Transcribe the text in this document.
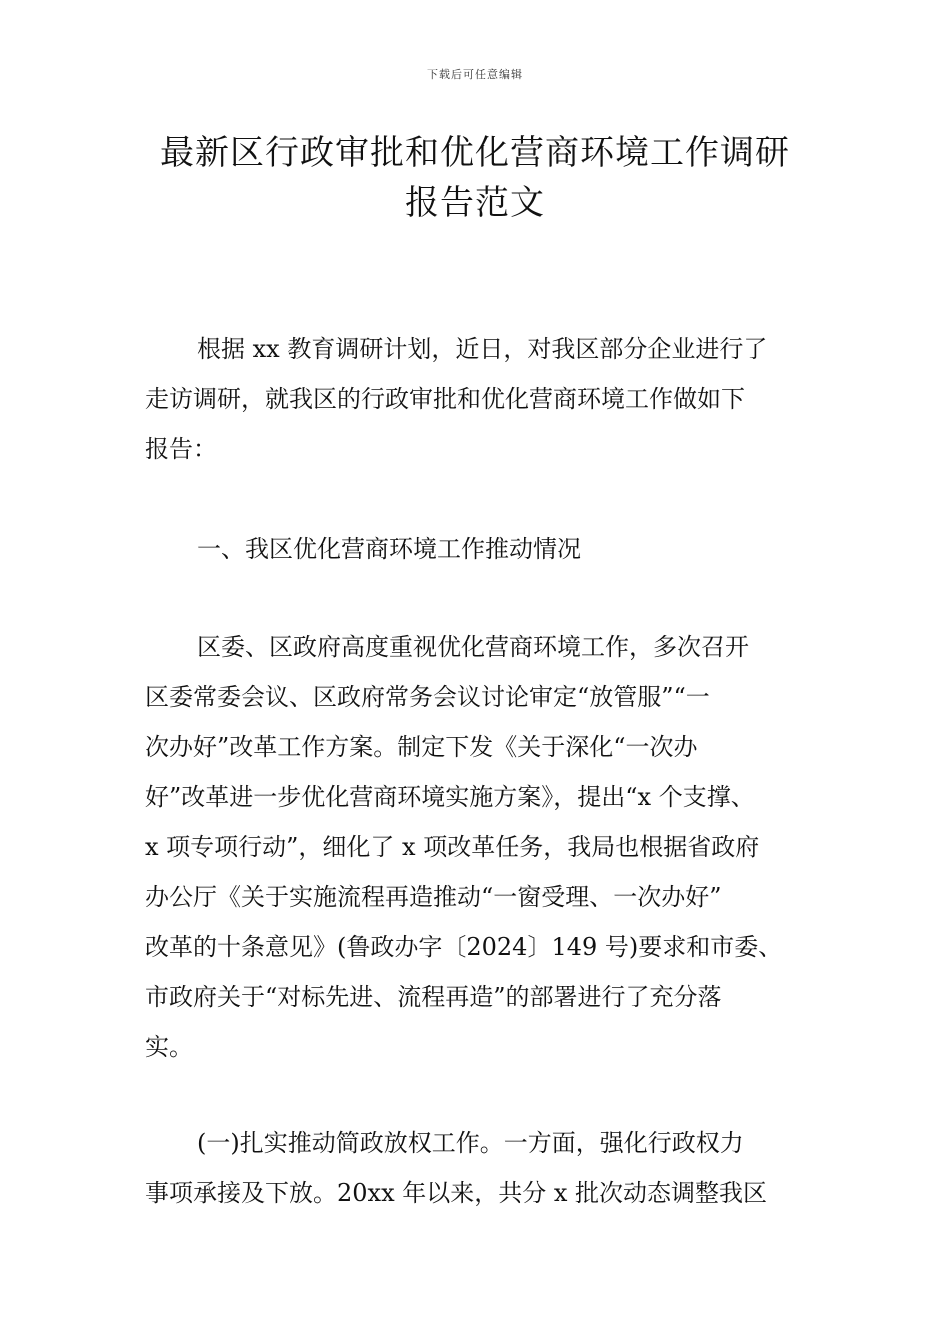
下载后可任意编辑
最新区行政审批和优化营商环境工作调研
报告范文

根据 xx 教育调研计划，近日，对我区部分企业进行了
走访调研，就我区的行政审批和优化营商环境工作做如下
报告：

一、我区优化营商环境工作推动情况

区委、区政府高度重视优化营商环境工作，多次召开
区委常委会议、区政府常务会议讨论审定“放管服”“一
次办好”改革工作方案。制定下发《关于深化“一次办
好”改革进一步优化营商环境实施方案》，提出“x 个支撑、
x 项专项行动”，细化了 x 项改革任务，我局也根据省政府
办公厅《关于实施流程再造推动“一窗受理、一次办好”
改革的十条意见》(鲁政办字〔2024〕149 号)要求和市委、
市政府关于“对标先进、流程再造”的部署进行了充分落
实。

(一)扎实推动简政放权工作。一方面，强化行政权力
事项承接及下放。20xx 年以来，共分 x 批次动态调整我区
